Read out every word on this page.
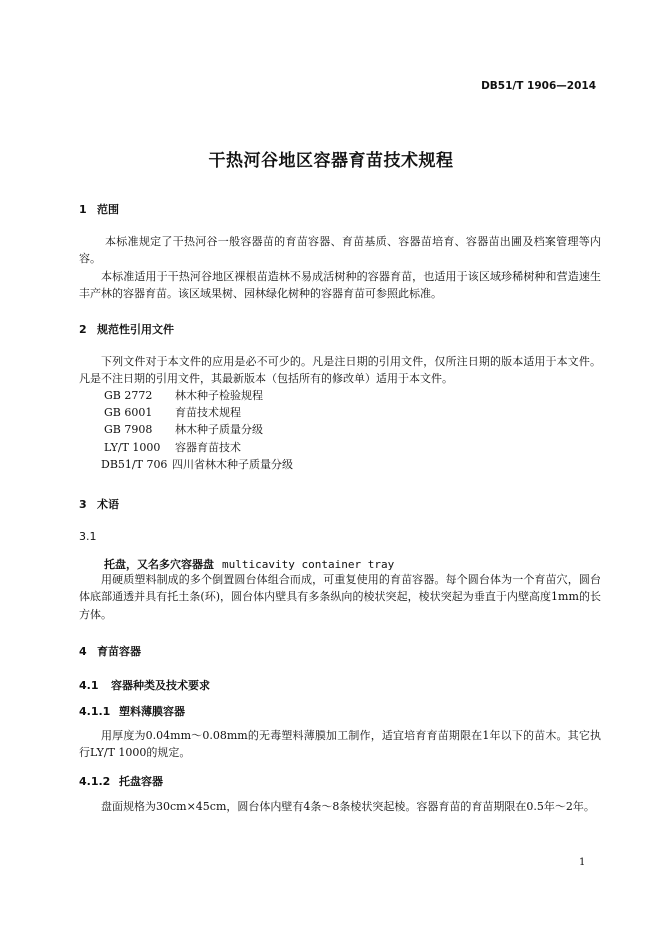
DB51/T 1906—2014
干热河谷地区容器育苗技术规程
1 范围

本标准规定了干热河谷一般容器苗的育苗容器、育苗基质、容器苗培育、容器苗出圃及档案管理等内容。

本标准适用于干热河谷地区裸根苗造林不易成活树种的容器育苗，也适用于该区域珍稀树种和营造速生丰产林的容器育苗。该区域果树、园林绿化树种的容器育苗可参照此标准。

2 规范性引用文件

下列文件对于本文件的应用是必不可少的。凡是注日期的引用文件，仅所注日期的版本适用于本文件。凡是不注日期的引用文件，其最新版本（包括所有的修改单）适用于本文件。

GB 2772 林木种子检验规程
GB 6001 育苗技术规程
GB 7908 林木种子质量分级
LY/T 1000 容器育苗技术
DB51/T 706 四川省林木种子质量分级
3 术语
3.1
托盘，又名多穴容器盘 multicavity container tray

用硬质塑料制成的多个倒置圆台体组合而成，可重复使用的育苗容器。每个圆台体为一个育苗穴，圆台体底部通透并具有托土条(环)，圆台体内壁具有多条纵向的棱状突起，棱状突起为垂直于内壁高度1mm的长方体。

4 育苗容器
4.1 容器种类及技术要求
4.1.1 塑料薄膜容器

用厚度为0.04mm～0.08mm的无毒塑料薄膜加工制作，适宜培育育苗期限在1年以下的苗木。其它执行LY/T 1000的规定。

4.1.2 托盘容器

盘面规格为30cm×45cm，圆台体内壁有4条～8条棱状突起棱。容器育苗的育苗期限在0.5年～2年。

1
